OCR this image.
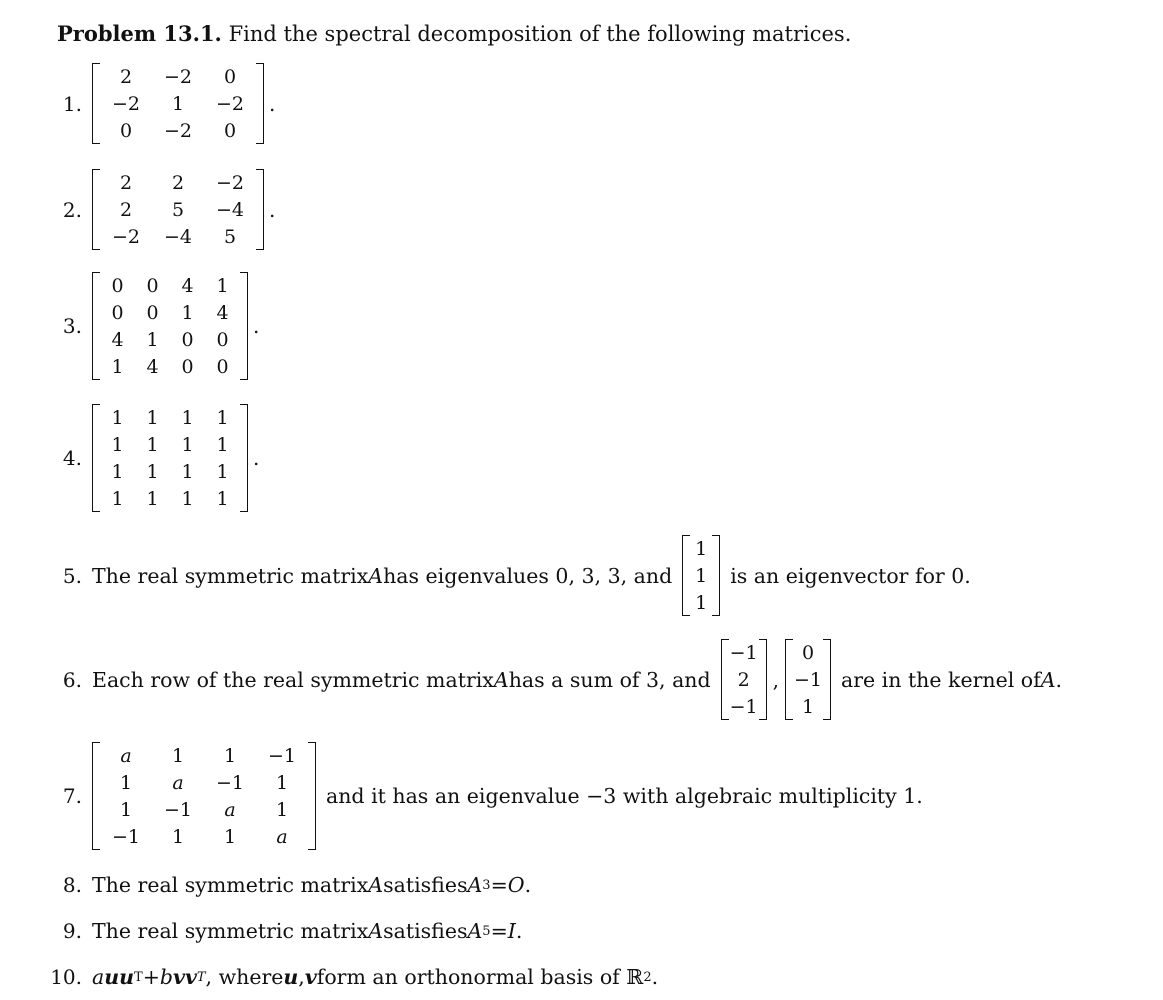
Problem 13.1. Find the spectral decomposition of the following matrices.
1.
2	−2	0
−2	1	−2
0	−2	0
.
2.
2	2	−2
2	5	−4
−2	−4	5
.
3.
0	0	4	1
0	0	1	4
4	1	0	0
1	4	0	0
.
4.
1	1	1	1
1	1	1	1
1	1	1	1
1	1	1	1
.
5. The real symmetric matrix A has eigenvalues 0, 3, 3, and
1
1
1
is an eigenvector for 0.
6. Each row of the real symmetric matrix A has a sum of 3, and
−1
2
−1
,
0
−1
1
are in the kernel of A .
7.
a	1	1	−1
1	a	−1	1
1	−1	a	1
−1	1	1	a
and it has an eigenvalue −3 with algebraic multiplicity 1.
8. The real symmetric matrix A satisfies A 3 = O .
9. The real symmetric matrix A satisfies A 5 = I .
10. a uu T + b vv T , where u , v form an orthonormal basis of ℝ 2 .
